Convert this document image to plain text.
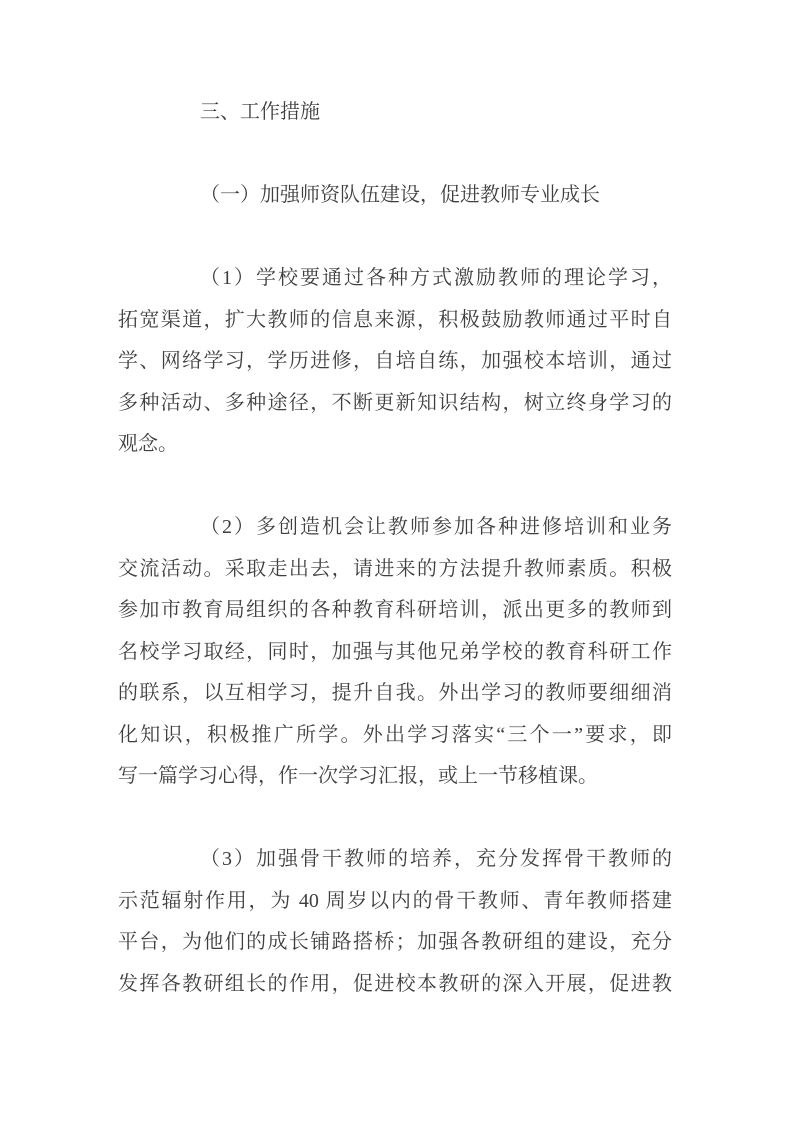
三、工作措施
（一）加强师资队伍建设，促进教师专业成长
（1）学校要通过各种方式激励教师的理论学习，
拓宽渠道，扩大教师的信息来源，积极鼓励教师通过平时自
学、网络学习，学历进修，自培自练，加强校本培训，通过
多种活动、多种途径，不断更新知识结构，树立终身学习的
观念。
（2）多创造机会让教师参加各种进修培训和业务
交流活动。采取走出去，请进来的方法提升教师素质。积极
参加市教育局组织的各种教育科研培训，派出更多的教师到
名校学习取经，同时，加强与其他兄弟学校的教育科研工作
的联系，以互相学习，提升自我。外出学习的教师要细细消
化知识，积极推广所学。外出学习落实“三个一”要求，即
写一篇学习心得，作一次学习汇报，或上一节移植课。
（3）加强骨干教师的培养，充分发挥骨干教师的
示范辐射作用，为 40 周岁以内的骨干教师、青年教师搭建
平台，为他们的成长铺路搭桥；加强各教研组的建设，充分
发挥各教研组长的作用，促进校本教研的深入开展，促进教
